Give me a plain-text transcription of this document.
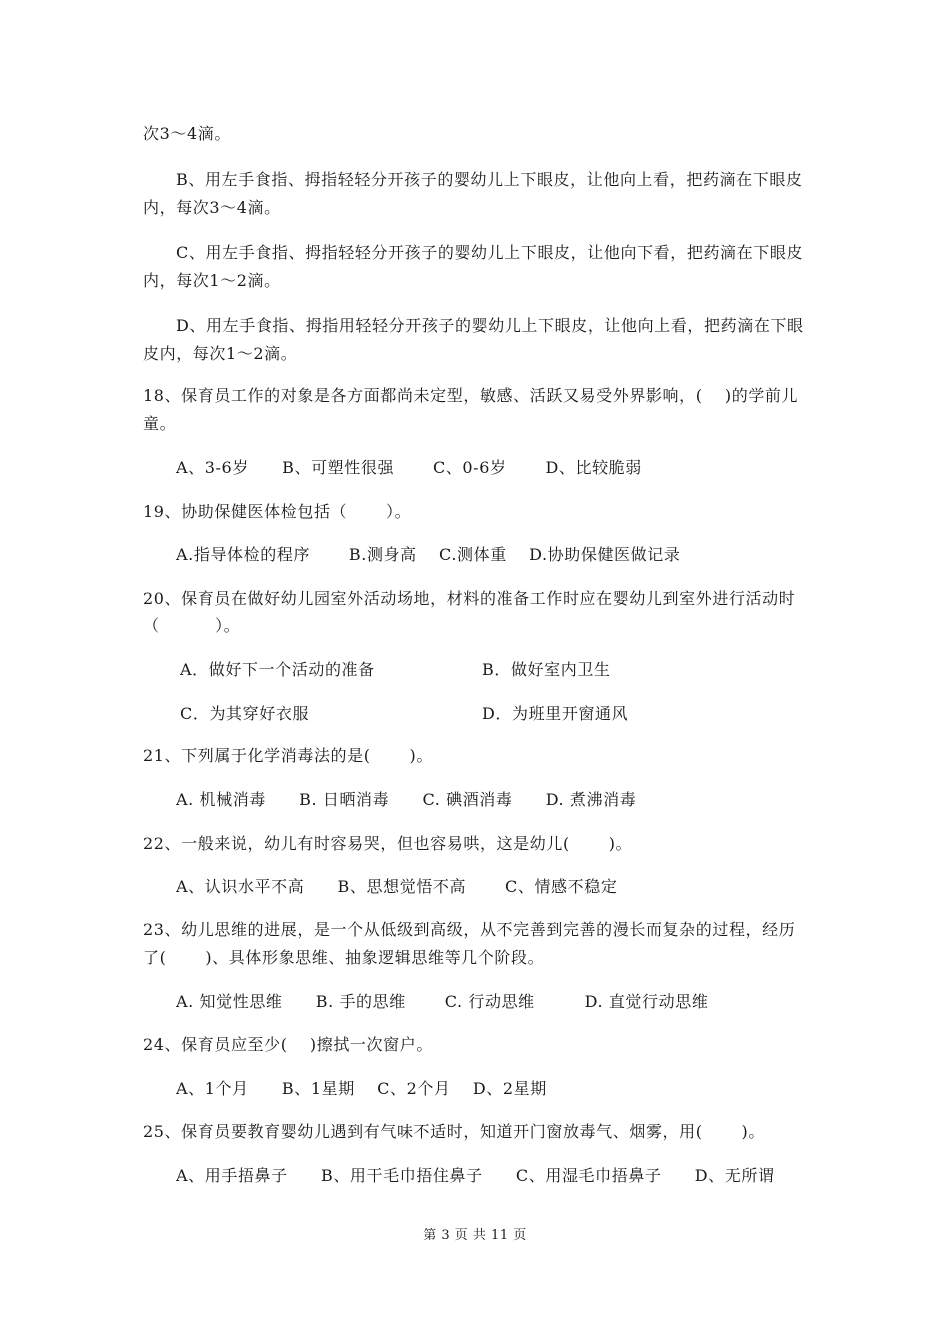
次3～4滴。
B、用左手食指、拇指轻轻分开孩子的婴幼儿上下眼皮，让他向上看，把药滴在下眼皮
内，每次3～4滴。
C、用左手食指、拇指轻轻分开孩子的婴幼儿上下眼皮，让他向下看，把药滴在下眼皮
内，每次1～2滴。
D、用左手食指、拇指用轻轻分开孩子的婴幼儿上下眼皮，让他向上看，把药滴在下眼
皮内，每次1～2滴。
18、保育员工作的对象是各方面都尚未定型，敏感、活跃又易受外界影响，(　 )的学前儿
童。
A、3-6岁　　B、可塑性很强　　 C、0-6岁　　 D、比较脆弱
19、协助保健医体检包括（　　 ）。
A.指导体检的程序　　 B.测身高　 C.测体重　 D.协助保健医做记录
20、保育员在做好幼儿园室外活动场地，材料的准备工作时应在婴幼儿到室外进行活动时
（　　　 ）。
A．做好下一个活动的准备	B．做好室内卫生
C．为其穿好衣服	D．为班里开窗通风
21、下列属于化学消毒法的是(　　 )。
A. 机械消毒　　B. 日晒消毒　　C. 碘酒消毒　　D. 煮沸消毒
22、一般来说，幼儿有时容易哭，但也容易哄，这是幼儿(　　 )。
A、认识水平不高　　B、思想觉悟不高　　 C、情感不稳定
23、幼儿思维的进展，是一个从低级到高级，从不完善到完善的漫长而复杂的过程，经历
了(　　 )、具体形象思维、抽象逻辑思维等几个阶段。
A. 知觉性思维　　B. 手的思维　　 C. 行动思维　　　D. 直觉行动思维
24、保育员应至少(　 )擦拭一次窗户。
A、1个月　　B、1星期　 C、2个月　 D、2星期
25、保育员要教育婴幼儿遇到有气味不适时，知道开门窗放毒气、烟雾，用(　　 )。
A、用手捂鼻子　　B、用干毛巾捂住鼻子　　C、用湿毛巾捂鼻子　　D、无所谓
第 3 页 共 11 页
